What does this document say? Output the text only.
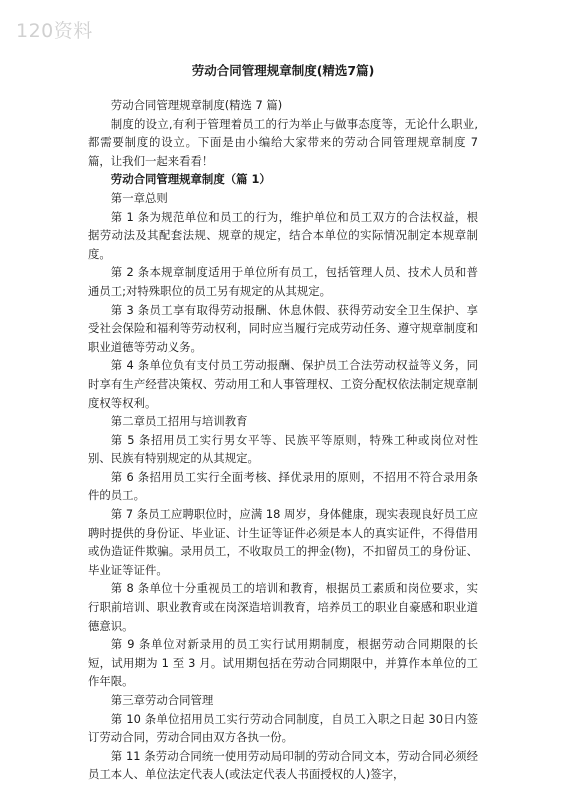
120资料
劳动合同管理规章制度(精选7篇)

劳动合同管理规章制度(精选 7 篇)

制度的设立,有利于管理着员工的行为举止与做事态度等，无论什么职业,都需要制度的设立。下面是由小编给大家带来的劳动合同管理规章制度 7 篇，让我们一起来看看！

劳动合同管理规章制度（篇 1）

第一章总则

第 1 条为规范单位和员工的行为，维护单位和员工双方的合法权益，根据劳动法及其配套法规、规章的规定，结合本单位的实际情况制定本规章制度。

第 2 条本规章制度适用于单位所有员工，包括管理人员、技术人员和普通员工;对特殊职位的员工另有规定的从其规定。

第 3 条员工享有取得劳动报酬、休息休假、获得劳动安全卫生保护、享受社会保险和福利等劳动权利，同时应当履行完成劳动任务、遵守规章制度和职业道德等劳动义务。

第 4 条单位负有支付员工劳动报酬、保护员工合法劳动权益等义务，同时享有生产经营决策权、劳动用工和人事管理权、工资分配权依法制定规章制度权等权利。

第二章员工招用与培训教育

第 5 条招用员工实行男女平等、民族平等原则，特殊工种或岗位对性别、民族有特别规定的从其规定。

第 6 条招用员工实行全面考核、择优录用的原则，不招用不符合录用条件的员工。

第 7 条员工应聘职位时，应满 18 周岁，身体健康，现实表现良好员工应聘时提供的身份证、毕业证、计生证等证件必须是本人的真实证件，不得借用或伪造证件欺骗。录用员工，不收取员工的押金(物)，不扣留员工的身份证、毕业证等证件。

第 8 条单位十分重视员工的培训和教育，根据员工素质和岗位要求，实行职前培训、职业教育或在岗深造培训教育，培养员工的职业自豪感和职业道德意识。

第 9 条单位对新录用的员工实行试用期制度，根据劳动合同期限的长短，试用期为 1 至 3 月。试用期包括在劳动合同期限中，并算作本单位的工作年限。

第三章劳动合同管理

第 10 条单位招用员工实行劳动合同制度，自员工入职之日起 30日内签订劳动合同，劳动合同由双方各执一份。

第 11 条劳动合同统一使用劳动局印制的劳动合同文本，劳动合同必须经员工本人、单位法定代表人(或法定代表人书面授权的人)签字，
